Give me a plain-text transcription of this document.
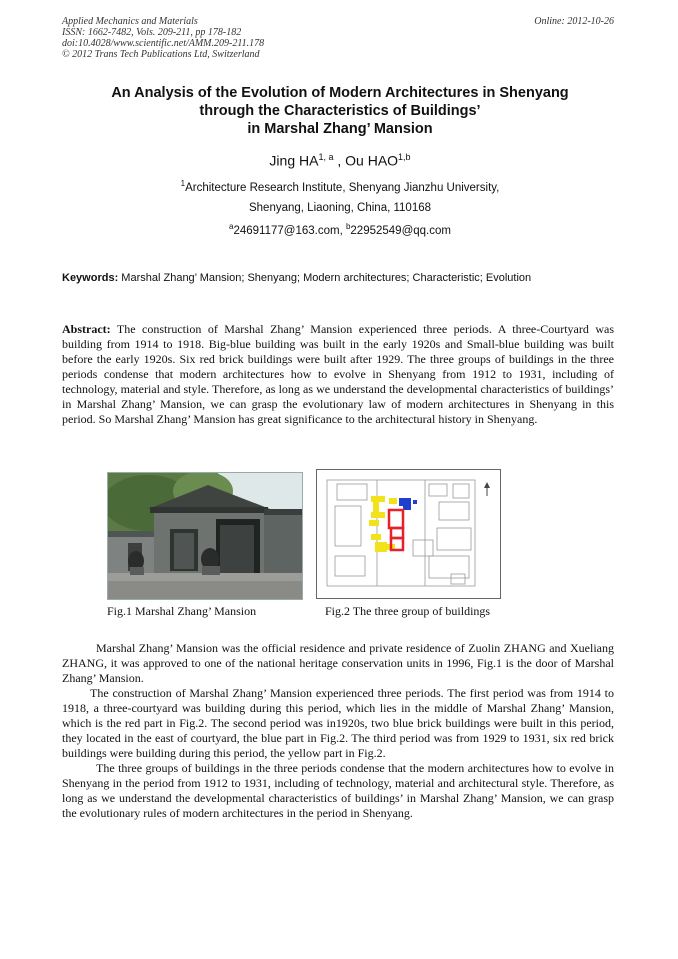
Applied Mechanics and Materials
ISSN: 1662-7482, Vols. 209-211, pp 178-182
doi:10.4028/www.scientific.net/AMM.209-211.178
© 2012 Trans Tech Publications Ltd, Switzerland
Online: 2012-10-26
An Analysis of the Evolution of Modern Architectures in Shenyang
through the Characteristics of Buildings’
in Marshal Zhang’ Mansion
Jing HA$^{1, a}$ , Ou HAO$^{1,b}$
$^1$Architecture Research Institute, Shenyang Jianzhu University,
Shenyang, Liaoning, China, 110168
$^a$24691177@163.com, $^b$22952549@qq.com
Keywords: Marshal Zhang’ Mansion; Shenyang; Modern architectures; Characteristic; Evolution
Abstract: The construction of Marshal Zhang’ Mansion experienced three periods. A three-Courtyard was building from 1914 to 1918. Big-blue building was built in the early 1920s and Small-blue building was built before the early 1920s. Six red brick buildings were built after 1929. The three groups of buildings in the three periods condense that modern architectures how to evolve in Shenyang from 1912 to 1931, including of technology, material and style. Therefore, as long as we understand the developmental characteristics of buildings’ in Marshal Zhang’ Mansion, we can grasp the evolutionary law of modern architectures in Shenyang in this period. So Marshal Zhang’ Mansion has great significance to the architectural history in Shenyang.
Fig.1 Marshal Zhang’ Mansion	Fig.2 The three group of buildings

Marshal Zhang’ Mansion was the official residence and private residence of Zuolin ZHANG and Xueliang ZHANG, it was approved to one of the national heritage conservation units in 1996, Fig.1 is the door of Marshal Zhang’ Mansion.

The construction of Marshal Zhang’ Mansion experienced three periods. The first period was from 1914 to 1918, a three-courtyard was building during this period, which lies in the middle of Marshal Zhang’ Mansion, which is the red part in Fig.2. The second period was in1920s, two blue brick buildings were built in this period, they located in the east of courtyard, the blue part in Fig.2. The third period was from 1929 to 1931, six red brick buildings were building during this period, the yellow part in Fig.2.

The three groups of buildings in the three periods condense that the modern architectures how to evolve in Shenyang in the period from 1912 to 1931, including of technology, material and architectural style. Therefore, as long as we understand the developmental characteristics of buildings’ in Marshal Zhang’ Mansion, we can grasp the evolutionary rules of modern architectures in the period in Shenyang.
